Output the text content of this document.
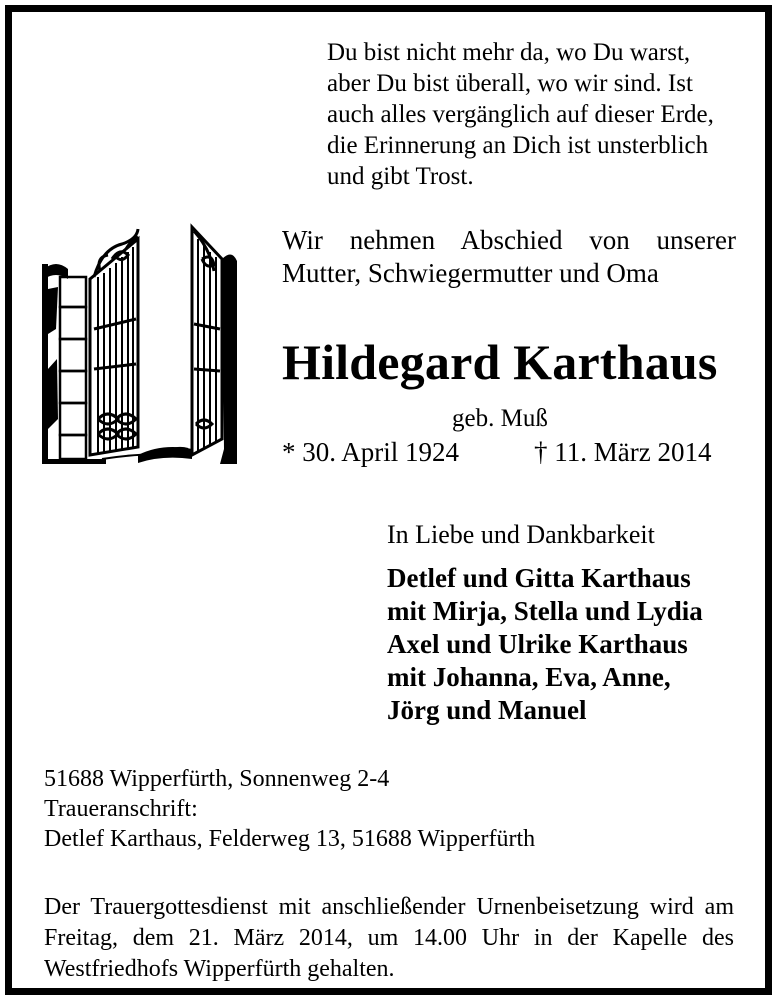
Du bist nicht mehr da, wo Du warst,
aber Du bist überall, wo wir sind. Ist
auch alles vergänglich auf dieser Erde,
die Erinnerung an Dich ist unsterblich
und gibt Trost.
Wir nehmen Abschied von unserer
Mutter, Schwiegermutter und Oma
Hildegard Karthaus
geb. Muß
* 30. April 1924	† 11. März 2014
In Liebe und Dankbarkeit
Detlef und Gitta Karthaus
mit Mirja, Stella und Lydia
Axel und Ulrike Karthaus
mit Johanna, Eva, Anne,
Jörg und Manuel
51688 Wipperfürth, Sonnenweg 2-4
Traueranschrift:
Detlef Karthaus, Felderweg 13, 51688 Wipperfürth
Der Trauergottesdienst mit anschließender Urnenbeisetzung wird am Freitag, dem 21. März 2014, um 14.00 Uhr in der Kapelle des Westfriedhofs Wipperfürth gehalten.
